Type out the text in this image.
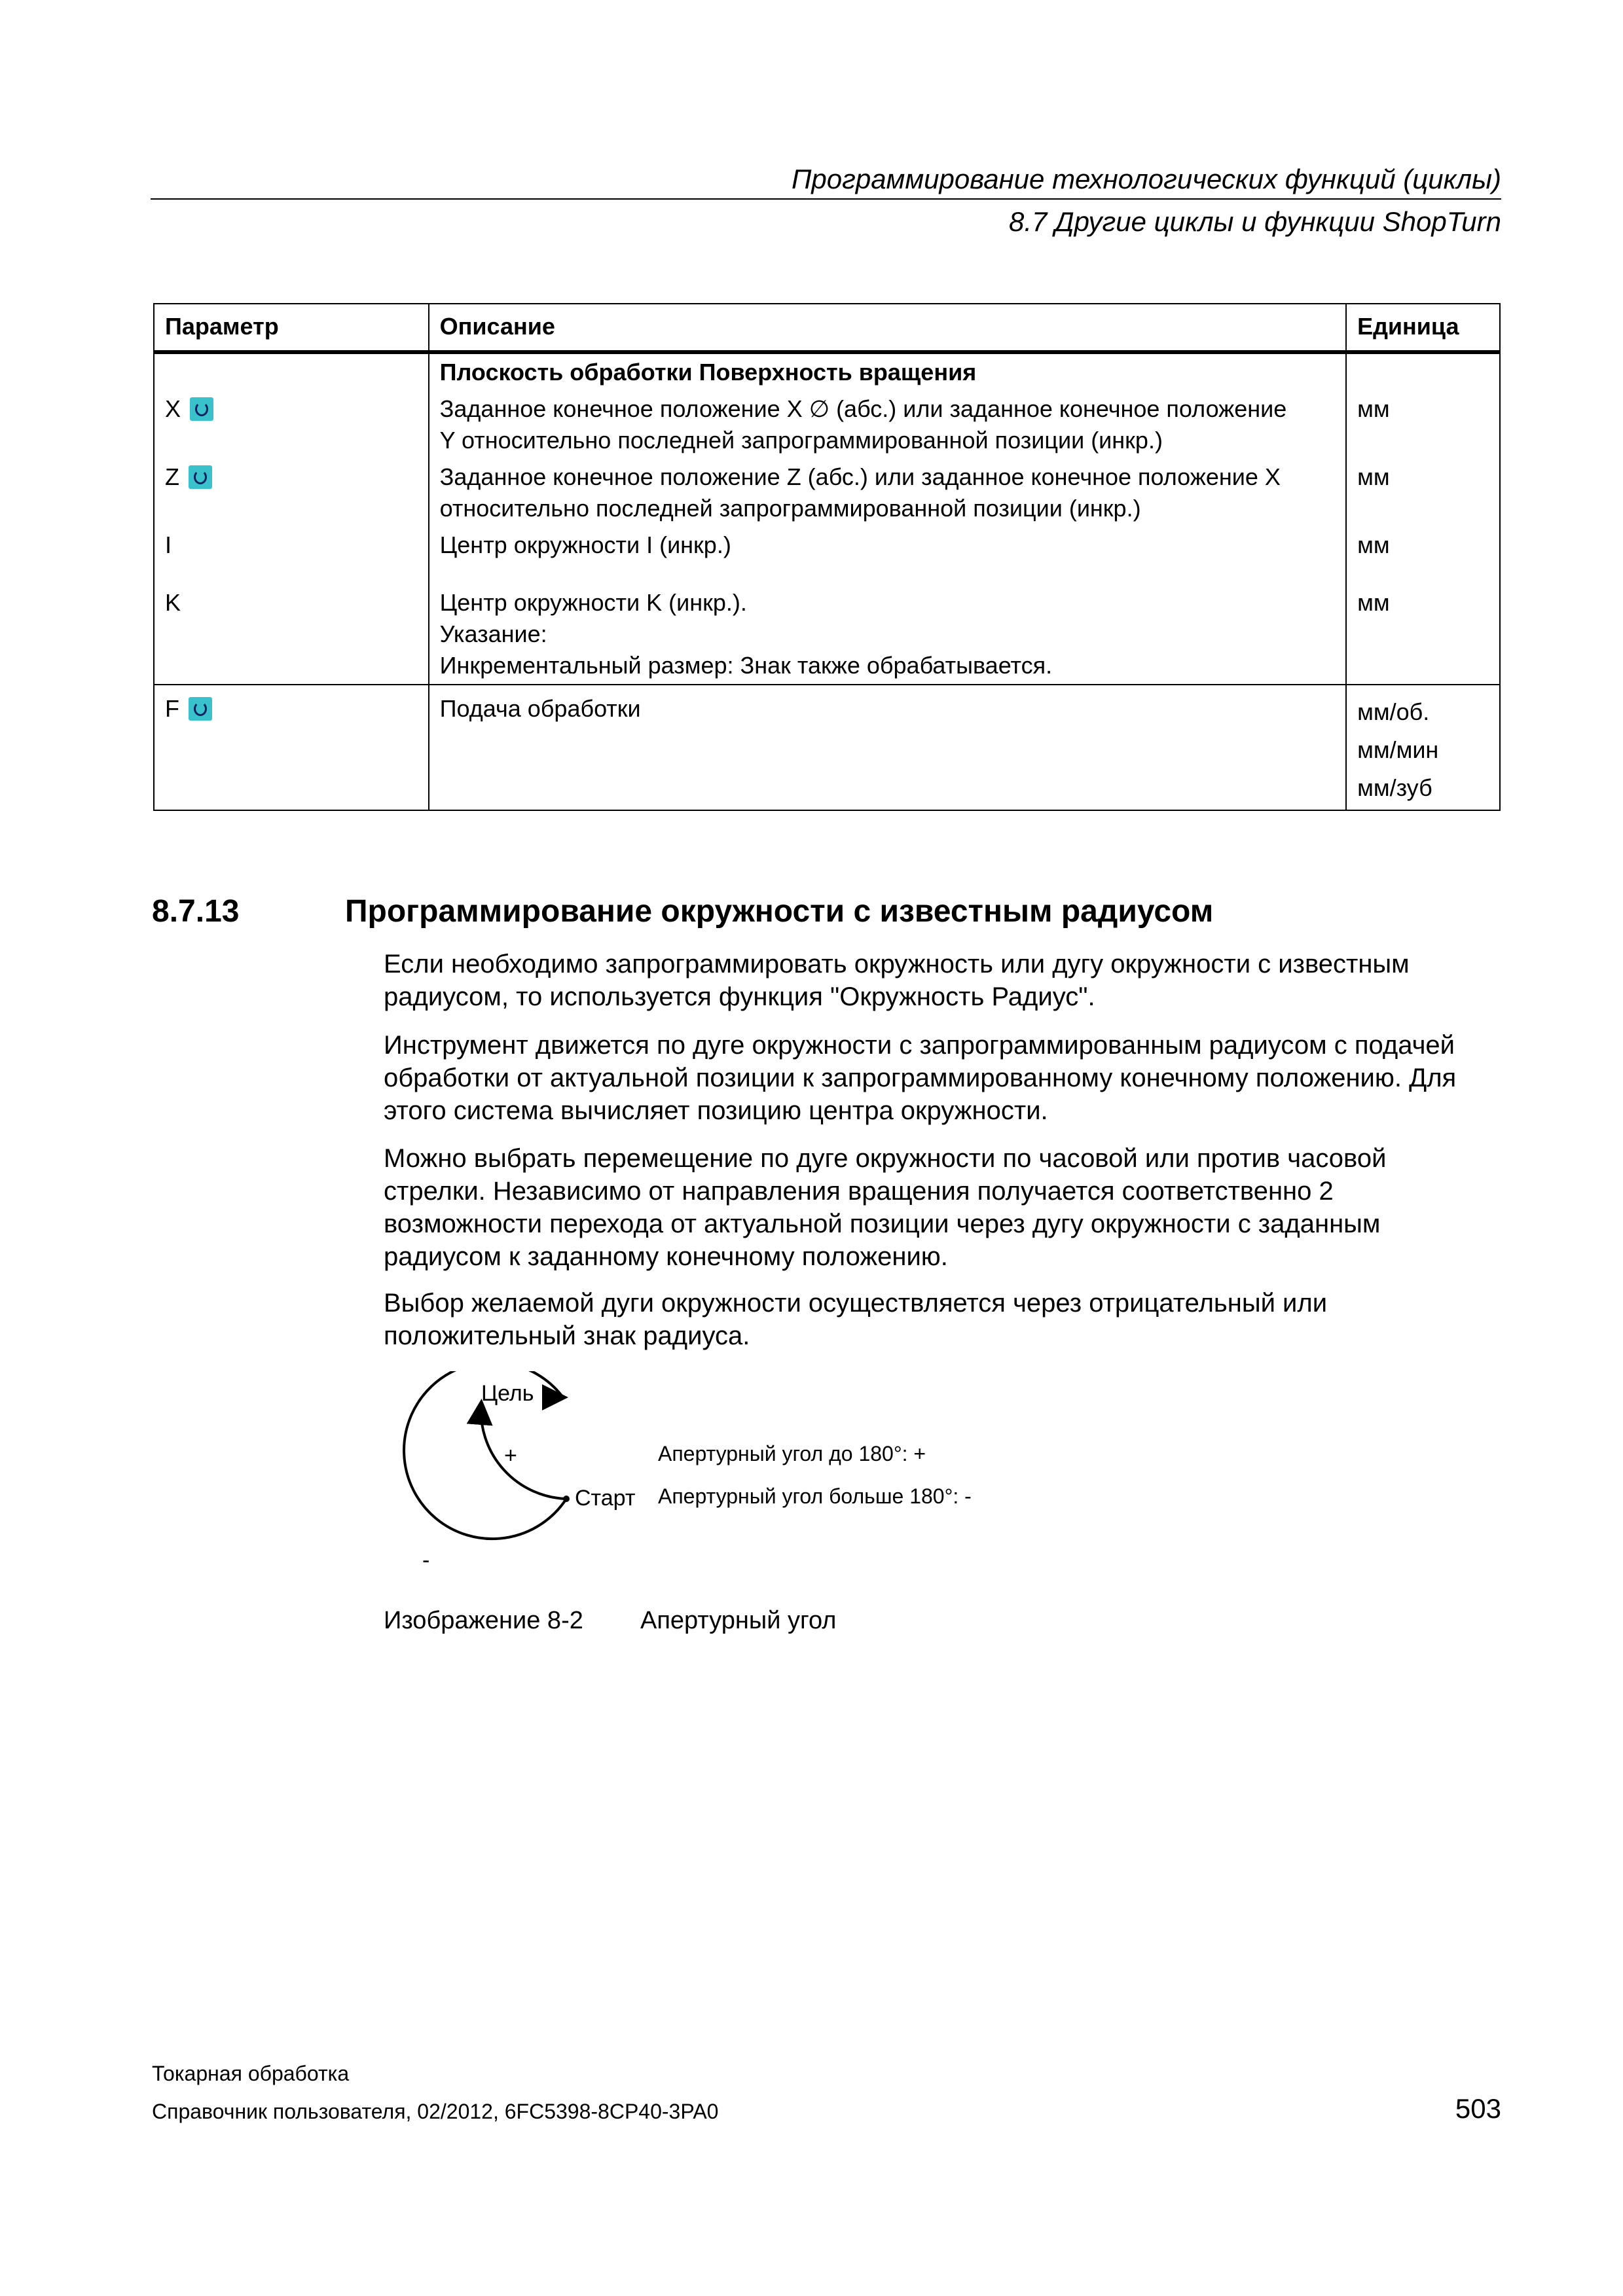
Программирование технологических функций (циклы)
8.7 Другие циклы и функции ShopTurn
Параметр	Описание	Единица
	Плоскость обработки Поверхность вращения	
X	Заданное конечное положение X ∅ (абс.) или заданное конечное положение
Y относительно последней запрограммированной позиции (инкр.)	мм
Z	Заданное конечное положение Z (абс.) или заданное конечное положение X
относительно последней запрограммированной позиции (инкр.)	мм
I	Центр окружности I (инкр.)	мм
K	Центр окружности K (инкр.).
Указание:
Инкрементальный размер: Знак также обрабатывается.	мм
F	Подача обработки	мм/об.
мм/мин
мм/зуб
8.7.13	Программирование окружности с известным радиусом
Если необходимо запрограммировать окружность или дугу окружности с известным
радиусом, то используется функция "Окружность Радиус".
Инструмент движется по дуге окружности с запрограммированным радиусом с подачей
обработки от актуальной позиции к запрограммированному конечному положению. Для
этого система вычисляет позицию центра окружности.
Можно выбрать перемещение по дуге окружности по часовой или против часовой
стрелки. Независимо от направления вращения получается соответственно 2
возможности перехода от актуальной позиции через дугу окружности с заданным
радиусом к заданному конечному положению.
Выбор желаемой дуги окружности осуществляется через отрицательный или
положительный знак радиуса.
Цель
Старт
+
-
Апертурный угол до 180°: +
Апертурный угол больше 180°: -
Изображение 8-2 Апертурный угол
Токарная обработка
Справочник пользователя, 02/2012, 6FC5398-8CP40-3PA0	503
